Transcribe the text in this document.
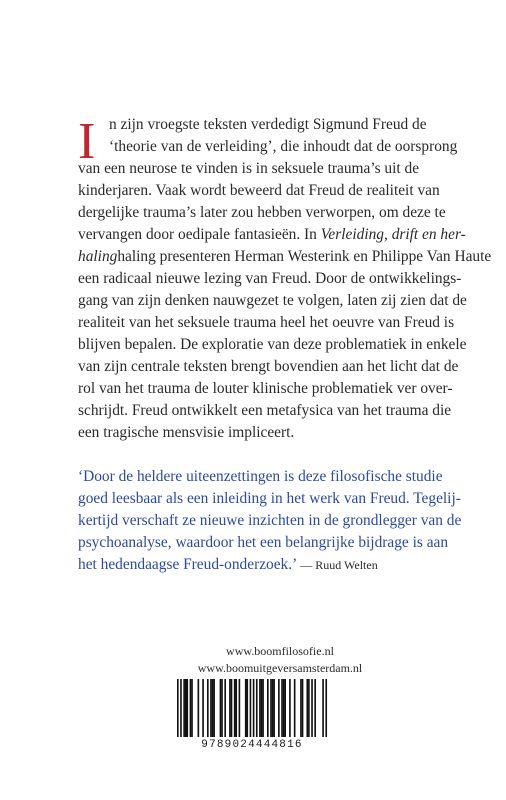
I n zijn vroegste teksten verdedigt Sigmund Freud de
‘theorie van de verleiding’, die inhoudt dat de oorsprong
van een neurose te vinden is in seksuele trauma’s uit de
kinderjaren. Vaak wordt beweerd dat Freud de realiteit van
dergelijke trauma’s later zou hebben verworpen, om deze te
vervangen door oedipale fantasieën. In Verleiding, drift en her-
halinghaling presenteren Herman Westerink en Philippe Van Haute
een radicaal nieuwe lezing van Freud. Door de ontwikkelings-
gang van zijn denken nauwgezet te volgen, laten zij zien dat de
realiteit van het seksuele trauma heel het oeuvre van Freud is
blijven bepalen. De exploratie van deze problematiek in enkele
van zijn centrale teksten brengt bovendien aan het licht dat de
rol van het trauma de louter klinische problematiek ver over-
schrijdt. Freud ontwikkelt een metafysica van het trauma die
een tragische mensvisie impliceert.
‘Door de heldere uiteenzettingen is deze filosofische studie
goed leesbaar als een inleiding in het werk van Freud. Tegelij-
kertijd verschaft ze nieuwe inzichten in de grondlegger van de
psychoanalyse, waardoor het een belangrijke bijdrage is aan
het hedendaagse Freud-onderzoek.’ — Ruud Welten
www.boomfilosofie.nl
www.boomuitgeversamsterdam.nl
9789024444816
